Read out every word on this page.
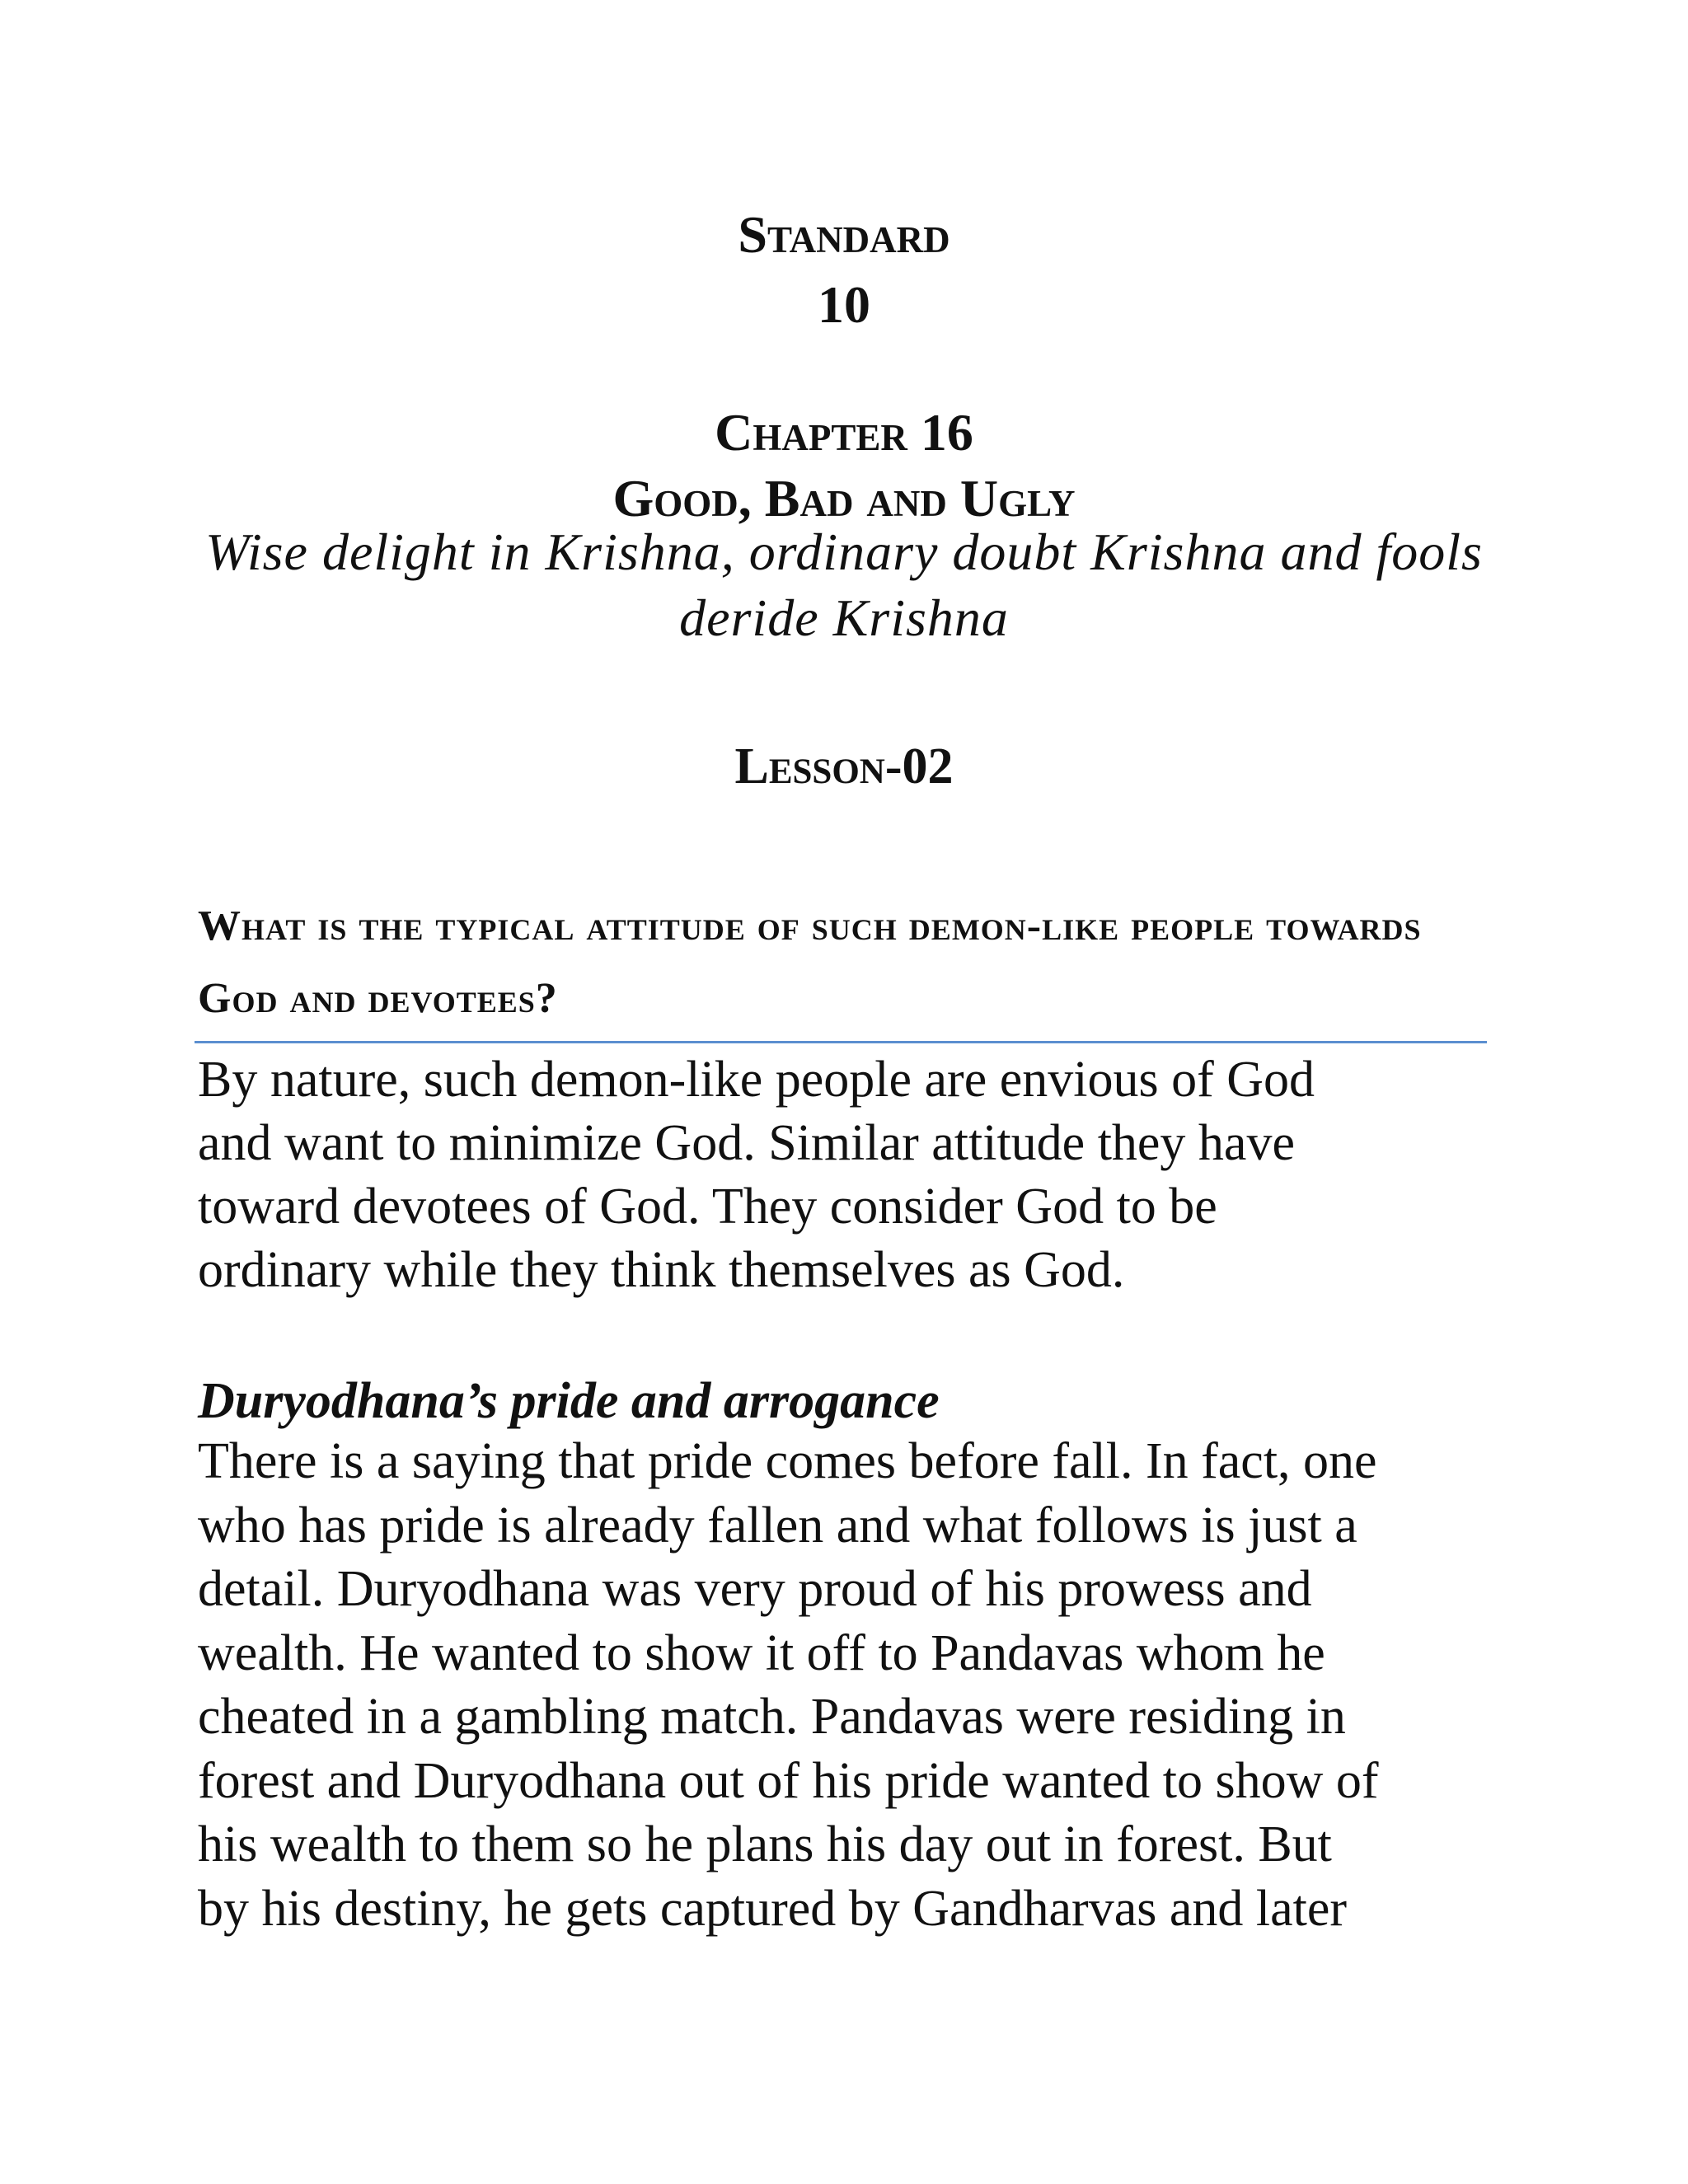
Standard
10
Chapter 16
Good, Bad and Ugly

Wise delight in Krishna, ordinary doubt Krishna and fools deride Krishna

Lesson-02
What is the typical attitude of such demon-like people towards God and devotees?

By nature, such demon-like people are envious of God
and want to minimize God. Similar attitude they have
toward devotees of God. They consider God to be
ordinary while they think themselves as God.

Duryodhana’s pride and arrogance

There is a saying that pride comes before fall. In fact, one
who has pride is already fallen and what follows is just a
detail. Duryodhana was very proud of his prowess and
wealth. He wanted to show it off to Pandavas whom he
cheated in a gambling match. Pandavas were residing in
forest and Duryodhana out of his pride wanted to show of
his wealth to them so he plans his day out in forest. But
by his destiny, he gets captured by Gandharvas and later
